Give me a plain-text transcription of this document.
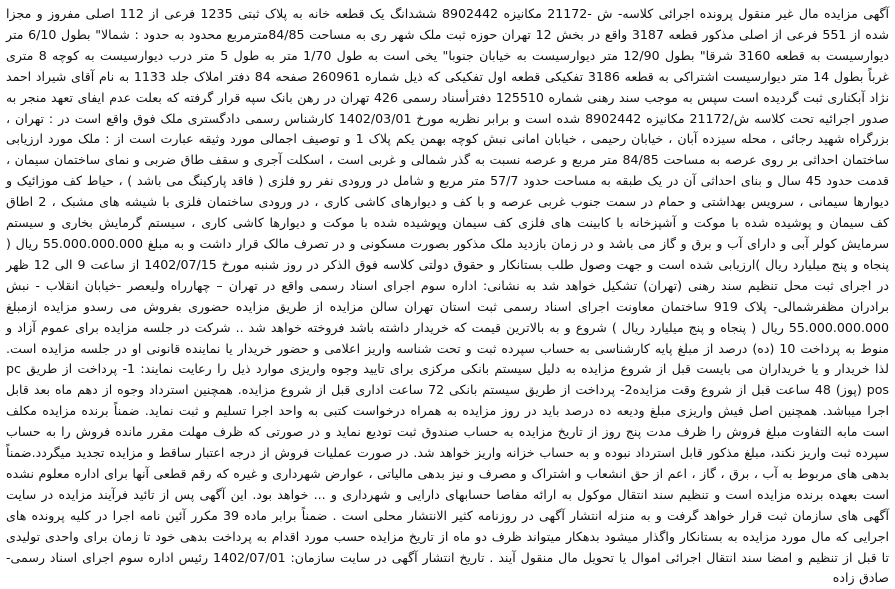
آگهی مزایده مال غیر منقول پرونده اجرائی کلاسه- ش -21172 مکانیزه 8902442 ششدانگ یک قطعه خانه به پلاک ثبتی 1235 فرعی از 112 اصلی مفروز و مجزا شده از 551 فرعی از اصلی مذکور قطعه 3187 واقع در بخش 12 تهران حوزه ثبت ملک شهر ری به مساحت 84/85مترمربع محدود به حدود : شمالا" بطول 6/10 متر دیوارسیست به قطعه 3160 شرقا" بطول 12/90 متر دیوارسیست به خیابان جنوبا" یخی است به طول 1/70 متر به طول 5 متر درب دیوارسیست به کوچه 8 متری غرباً بطول 14 متر دیوارسیست اشتراکی به قطعه 3186 تفکیکی قطعه اول تفکیکی که ذیل شماره 260961 صفحه 84 دفتر املاک جلد 1133 به نام آقای شیراد احمد نژاد آبکناری ثبت گردیده است سپس به موجب سند رهنی شماره 125510 دفترأسناد رسمی 426 تهران در رهن بانک سپه قرار گرفته که بعلت عدم ایفای تعهد منجر به صدور اجرائیه تحت کلاسه ش/21172 مکانیزه 8902442 شده است و برابر نظریه مورخ 1402/03/01 کارشناس رسمی دادگستری ملک فوق واقع است در : تهران ، بزرگراه شهید رجائی ، محله سیزده آبان ، خیابان رحیمی ، خیابان امانی نبش کوچه بهمن یکم پلاک 1 و توصیف اجمالی مورد وثیقه عبارت است از : ملک مورد ارزیابی ساختمان احداثی بر روی عرصه به مساحت 84/85 متر مربع و عرصه نسبت به گذر شمالی و غربی است ، اسکلت آجری و سقف طاق ضربی و نمای ساختمان سیمان ، قدمت حدود 45 سال و بنای احداثی آن در یک طبقه به مساحت حدود 57/7 متر مربع و شامل در ورودی نفر رو فلزی ( فاقد پارکینگ می باشد ) ، حیاط کف موزائیک و دیوارها سیمانی ، سرویس بهداشتی و حمام در سمت جنوب غربی عرصه و با کف و دیوارهای کاشی کاری ، در ورودی ساختمان فلزی با شیشه های مشبک ، 2 اطاق کف سیمان و پوشیده شده با موکت و آشپزخانه با کابینت های فلزی کف سیمان وپوشیده شده با موکت و دیوارها کاشی کاری ، سیستم گرمایش بخاری و سیستم سرمایش کولر آبی و دارای آب و برق و گاز می باشد و در زمان بازدید ملک مذکور بصورت مسکونی و در تصرف مالک قرار داشت و به مبلغ 55.000.000.000 ریال ( پنجاه و پنج میلیارد ریال )ارزیابی شده است و جهت وصول طلب بستانکار و حقوق دولتی کلاسه فوق الذکر در روز شنبه مورخ 1402/07/15 از ساعت 9 الی 12 ظهر در اجرای ثبت محل تنظیم سند رهنی (تهران) تشکیل خواهد شد به نشانی: اداره سوم اجرای اسناد رسمی واقع در تهران – چهارراه ولیعصر -خیابان انقلاب - نبش برادران مظفرشمالی- پلاک 919 ساختمان معاونت اجرای اسناد رسمی ثبت استان تهران سالن مزایده از طریق مزایده حضوری بفروش می رسدو مزایده ازمبلغ 55.000.000.000 ریال ( پنجاه و پنج میلیارد ریال ) شروع و به بالاترین قیمت که خریدار داشته باشد فروخته خواهد شد .. شرکت در جلسه مزایده برای عموم آزاد و منوط به پرداخت 10 (ده) درصد از مبلغ پایه کارشناسی به حساب سپرده ثبت و تحت شناسه واریز اعلامی و حضور خریدار یا نماینده قانونی او در جلسه مزایده است. لذا خریدار و یا خریداران می بایست قبل از شروع مزایده به دلیل سیستم بانکی مرکزی برای تایید وجوه واریزی موارد ذیل را رعایت نمایند: 1- پرداخت از طریق pc pos (پوز) 48 ساعت قبل از شروع وقت مزایده2- پرداخت از طریق سیستم بانکی 72 ساعت اداری قبل از شروع مزایده. همچنین استرداد وجوه از دهم ماه بعد قابل اجرا میباشد. همچنین اصل فیش واریزی مبلغ ودیعه ده درصد باید در روز مزایده به همراه درخواست کتبی به واحد اجرا تسلیم و ثبت نماید. ضمناً برنده مزایده مکلف است مابه التفاوت مبلغ فروش را ظرف مدت پنج روز از تاریخ مزایده به حساب صندوق ثبت تودیع نماید و در صورتی که ظرف مهلت مقرر مانده فروش را به حساب سپرده ثبت واریز نکند، مبلغ مذکور قابل استرداد نبوده و به حساب خزانه واریز خواهد شد. در صورت عملیات فروش از درجه اعتبار ساقط و مزایده تجدید میگردد.ضمناً بدهی های مربوط به آب ، برق ، گاز ، اعم از حق انشعاب و اشتراک و مصرف و نیز بدهی مالیاتی ، عوارض شهرداری و غیره که رقم قطعی آنها برای اداره معلوم نشده است بعهده برنده مزایده است و تنظیم سند انتقال موکول به ارائه مفاصا حسابهای دارایی و شهرداری و ... خواهد بود. این آگهی پس از تائید فرآیند مزایده در سایت آگهی های سازمان ثبت قرار خواهد گرفت و به منزله انتشار آگهی در روزنامه کثیر الانتشار محلی است . ضمناً برابر ماده 39 مکرر آئین نامه اجرا در کلیه پرونده های اجرایی که مال مورد مزایده به بستانکار واگذار میشود بدهکار میتواند ظرف دو ماه از تاریخ مزایده حسب مورد اقدام به پرداخت بدهی خود تا زمان برای واحدی تولیدی تا قبل از تنظیم و امضا سند انتقال اجرائی اموال یا تحویل مال منقول آیند . تاریخ انتشار آگهی در سایت سازمان: 1402/07/01 رئیس اداره سوم اجرای اسناد رسمی- صادق زاده
